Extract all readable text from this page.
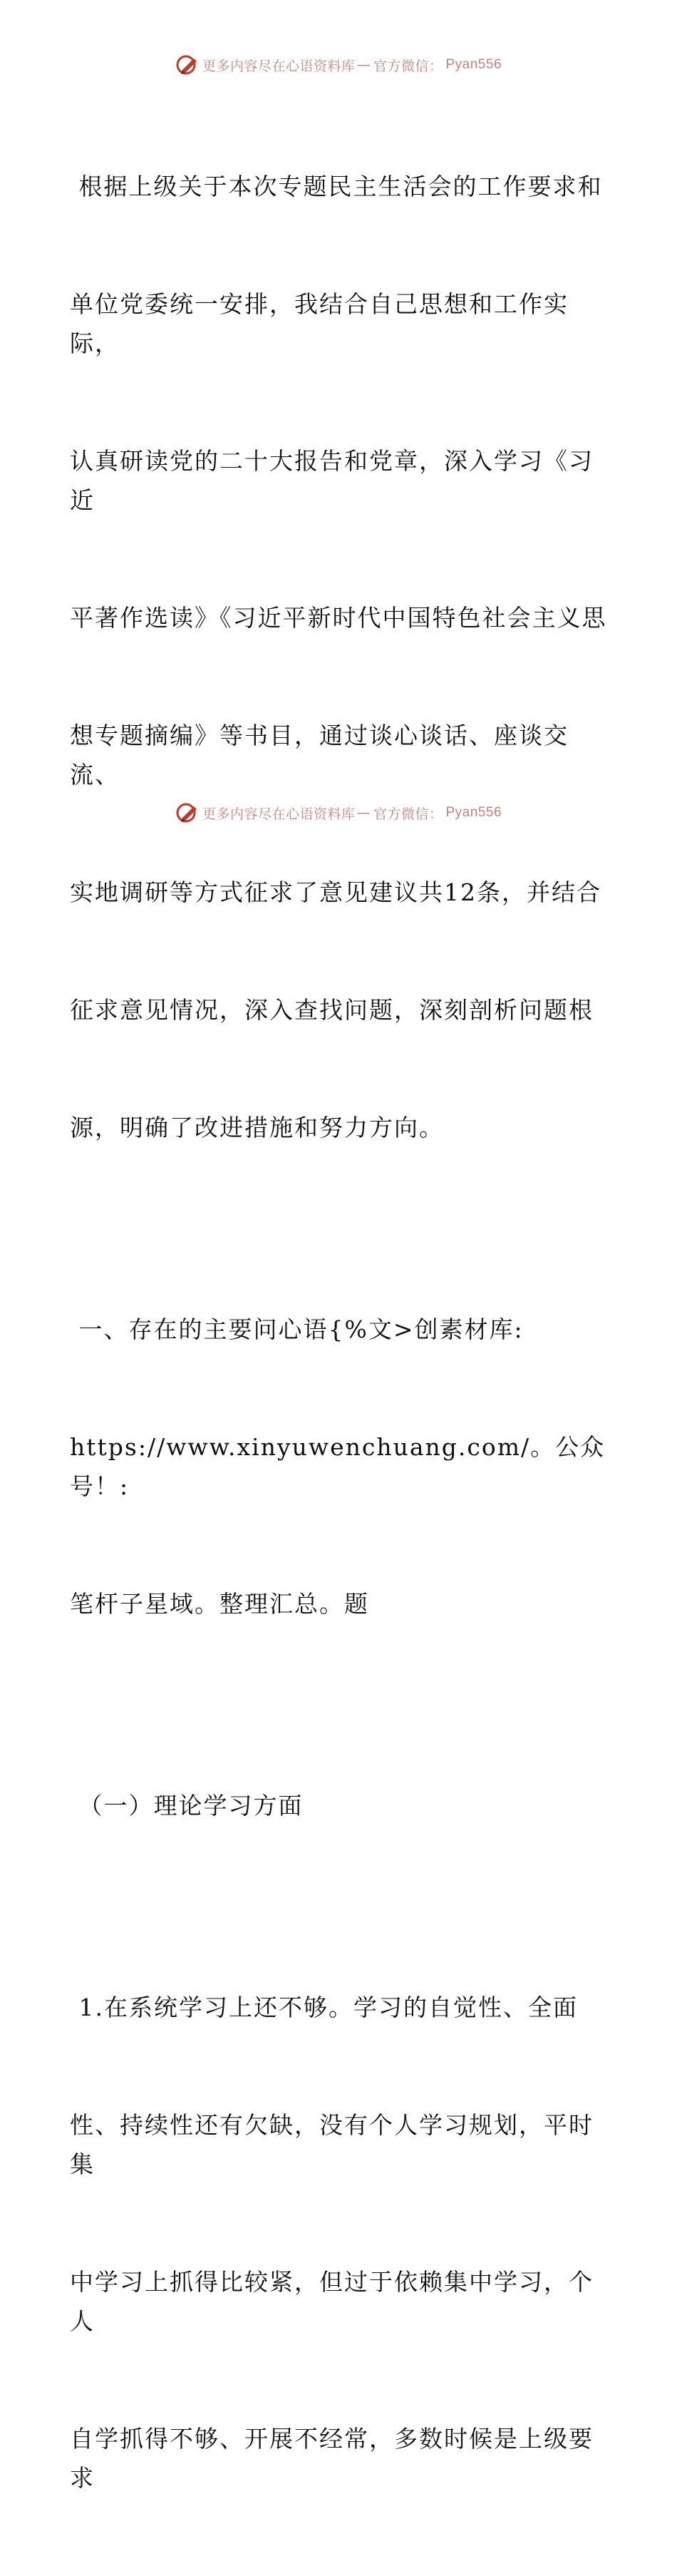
更多内容尽在心语资料库 — 官方微信： Pyan556

根据上级关于本次专题民主生活会的工作要求和

单位党委统一安排，我结合自己思想和工作实际，

认真研读党的二十大报告和党章，深入学习《习近

平著作选读》《习近平新时代中国特色社会主义思

想专题摘编》等书目，通过谈心谈话、座谈交流、

实地调研等方式征求了意见建议共12条，并结合

征求意见情况，深入查找问题，深刻剖析问题根

源，明确了改进措施和努力方向。

一、存在的主要问心语{%文>创素材库:

https://www.xinyuwenchuang.com/。公众号！:

笔杆子星域。整理汇总。题

（一）理论学习方面

1.在系统学习上还不够。学习的自觉性、全面

性、持续性还有欠缺，没有个人学习规划，平时集

中学习上抓得比较紧，但过于依赖集中学习，个人

自学抓得不够、开展不经常，多数时候是上级要求

更多内容尽在心语资料库 — 官方微信： Pyan556
